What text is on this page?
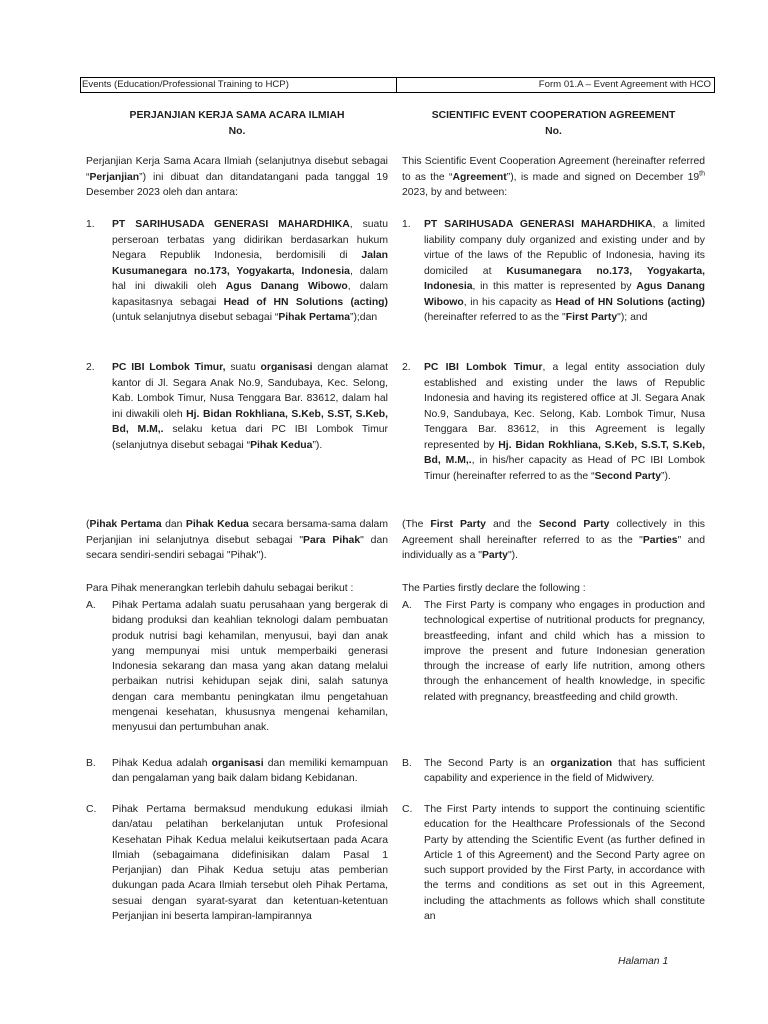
Events (Education/Professional Training to HCP)	Form 01.A – Event Agreement with HCO
PERJANJIAN KERJA SAMA ACARA ILMIAH
No.
Perjanjian Kerja Sama Acara Ilmiah (selanjutnya disebut sebagai “Perjanjian”) ini dibuat dan ditandatangani pada tanggal 19 Desember 2023 oleh dan antara:
1.	PT SARIHUSADA GENERASI MAHARDHIKA, suatu perseroan terbatas yang didirikan berdasarkan hukum Negara Republik Indonesia, berdomisili di Jalan Kusumanegara no.173, Yogyakarta, Indonesia, dalam hal ini diwakili oleh Agus Danang Wibowo, dalam kapasitasnya sebagai Head of HN Solutions (acting) (untuk selanjutnya disebut sebagai “Pihak Pertama”);dan
2.	PC IBI Lombok Timur, suatu organisasi dengan alamat kantor di Jl. Segara Anak No.9, Sandubaya, Kec. Selong, Kab. Lombok Timur, Nusa Tenggara Bar. 83612, dalam hal ini diwakili oleh Hj. Bidan Rokhliana, S.Keb, S.ST, S.Keb, Bd, M.M,. selaku ketua dari PC IBI Lombok Timur (selanjutnya disebut sebagai “Pihak Kedua”).
(Pihak Pertama dan Pihak Kedua secara bersama-sama dalam Perjanjian ini selanjutnya disebut sebagai "Para Pihak" dan secara sendiri-sendiri sebagai "Pihak").
Para Pihak menerangkan terlebih dahulu sebagai berikut :
A.	Pihak Pertama adalah suatu perusahaan yang bergerak di bidang produksi dan keahlian teknologi dalam pembuatan produk nutrisi bagi kehamilan, menyusui, bayi dan anak yang mempunyai misi untuk memperbaiki generasi Indonesia sekarang dan masa yang akan datang melalui perbaikan nutrisi kehidupan sejak dini, salah satunya dengan cara membantu peningkatan ilmu pengetahuan mengenai kesehatan, khususnya mengenai kehamilan, menyusui dan pertumbuhan anak.
B.	Pihak Kedua adalah organisasi dan memiliki kemampuan dan pengalaman yang baik dalam bidang Kebidanan.
C.	Pihak Pertama bermaksud mendukung edukasi ilmiah dan/atau pelatihan berkelanjutan untuk Profesional Kesehatan Pihak Kedua melalui keikutsertaan pada Acara Ilmiah (sebagaimana didefinisikan dalam Pasal 1 Perjanjian) dan Pihak Kedua setuju atas pemberian dukungan pada Acara Ilmiah tersebut oleh Pihak Pertama, sesuai dengan syarat-syarat dan ketentuan-ketentuan Perjanjian ini beserta lampiran-lampirannya
SCIENTIFIC EVENT COOPERATION AGREEMENT
No.
This Scientific Event Cooperation Agreement (hereinafter referred to as the “Agreement”), is made and signed on December 19th 2023, by and between:
1.	PT SARIHUSADA GENERASI MAHARDHIKA, a limited liability company duly organized and existing under and by virtue of the laws of the Republic of Indonesia, having its domiciled at Kusumanegara no.173, Yogyakarta, Indonesia, in this matter is represented by Agus Danang Wibowo, in his capacity as Head of HN Solutions (acting) (hereinafter referred to as the "First Party"); and
2.	PC IBI Lombok Timur, a legal entity association duly established and existing under the laws of Republic Indonesia and having its registered office at Jl. Segara Anak No.9, Sandubaya, Kec. Selong, Kab. Lombok Timur, Nusa Tenggara Bar. 83612, in this Agreement is legally represented by Hj. Bidan Rokhliana, S.Keb, S.S.T, S.Keb, Bd, M.M,., in his/her capacity as Head of PC IBI Lombok Timur (hereinafter referred to as the “Second Party”).
(The First Party and the Second Party collectively in this Agreement shall hereinafter referred to as the "Parties" and individually as a "Party").
The Parties firstly declare the following :
A.	The First Party is company who engages in production and technological expertise of nutritional products for pregnancy, breastfeeding, infant and child which has a mission to improve the present and future Indonesian generation through the increase of early life nutrition, among others through the enhancement of health knowledge, in specific related with pregnancy, breastfeeding and child growth.
B.	The Second Party is an organization that has sufficient capability and experience in the field of Midwivery.
C.	The First Party intends to support the continuing scientific education for the Healthcare Professionals of the Second Party by attending the Scientific Event (as further defined in Article 1 of this Agreement) and the Second Party agree on such support provided by the First Party, in accordance with the terms and conditions as set out in this Agreement, including the attachments as follows which shall constitute an
Halaman 1
